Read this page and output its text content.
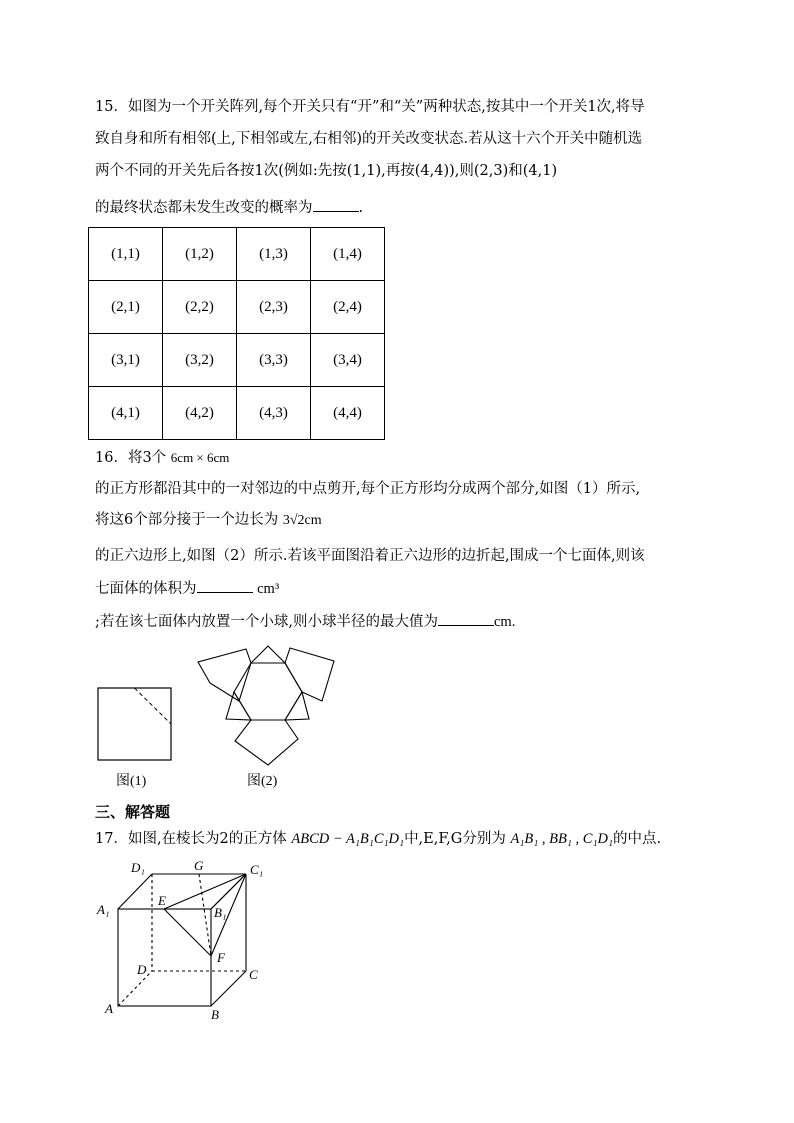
15．如图为一个开关阵列,每个开关只有“开”和“关”两种状态,按其中一个开关1次,将导
致自身和所有相邻(上,下相邻或左,右相邻)的开关改变状态.若从这十六个开关中随机选
两个不同的开关先后各按1次(例如:先按(1,1),再按(4,4)),则(2,3)和(4,1)
的最终状态都未发生改变的概率为	.
(1,1)	(1,2)	(1,3)	(1,4)
(2,1)	(2,2)	(2,3)	(2,4)
(3,1)	(3,2)	(3,3)	(3,4)
(4,1)	(4,2)	(4,3)	(4,4)
16．将3个 6cm × 6cm
的正方形都沿其中的一对邻边的中点剪开,每个正方形均分成两个部分,如图（1）所示,
将这6个部分接于一个边长为 3√2cm
的正六边形上,如图（2）所示.若该平面图沿着正六边形的边折起,围成一个七面体,则该
七面体的体积为	cm³
;若在该七面体内放置一个小球,则小球半径的最大值为	cm.
图(1)	图(2)
三、解答题
17．如图,在棱长为2的正方体 ABCD − A₁B₁C₁D₁中,E,F,G分别为 A₁B₁ , BB₁ , C₁D₁的中点.
D₁	G	C₁
A₁
E
B₁
F
D	C
A	B
